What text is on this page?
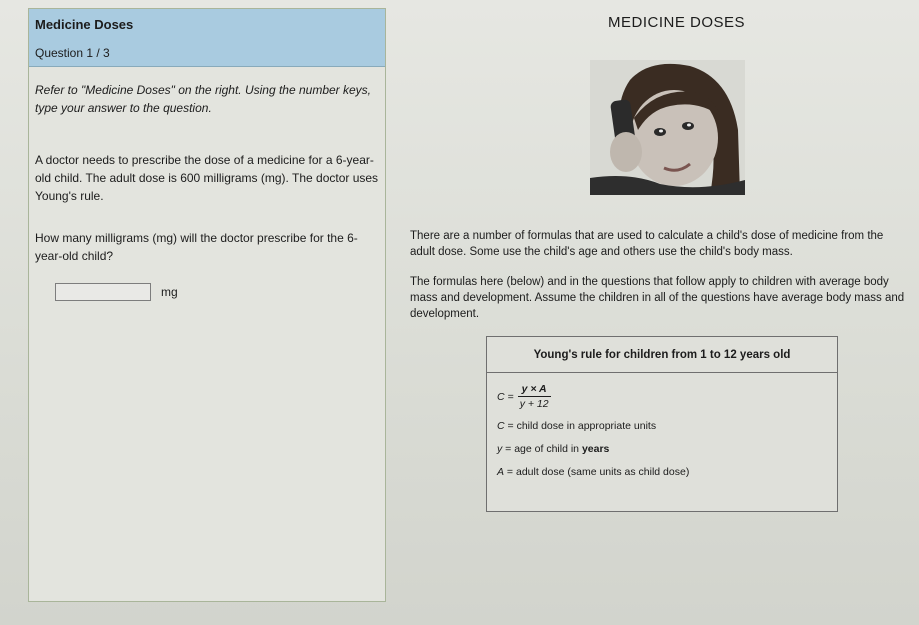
Medicine Doses
Question 1 / 3

Refer to "Medicine Doses" on the right. Using the number keys, type your answer to the question.

A doctor needs to prescribe the dose of a medicine for a 6-year-old child. The adult dose is 600 milligrams (mg). The doctor uses Young's rule.

How many milligrams (mg) will the doctor prescribe for the 6-year-old child?

mg
MEDICINE DOSES

There are a number of formulas that are used to calculate a child's dose of medicine from the adult dose. Some use the child's age and others use the child's body mass.

The formulas here (below) and in the questions that follow apply to children with average body mass and development. Assume the children in all of the questions have average body mass and development.

Young's rule for children from 1 to 12 years old
$C = \frac{y \times A}{y + 12}$
C = child dose in appropriate units
y = age of child in years
A = adult dose (same units as child dose)
